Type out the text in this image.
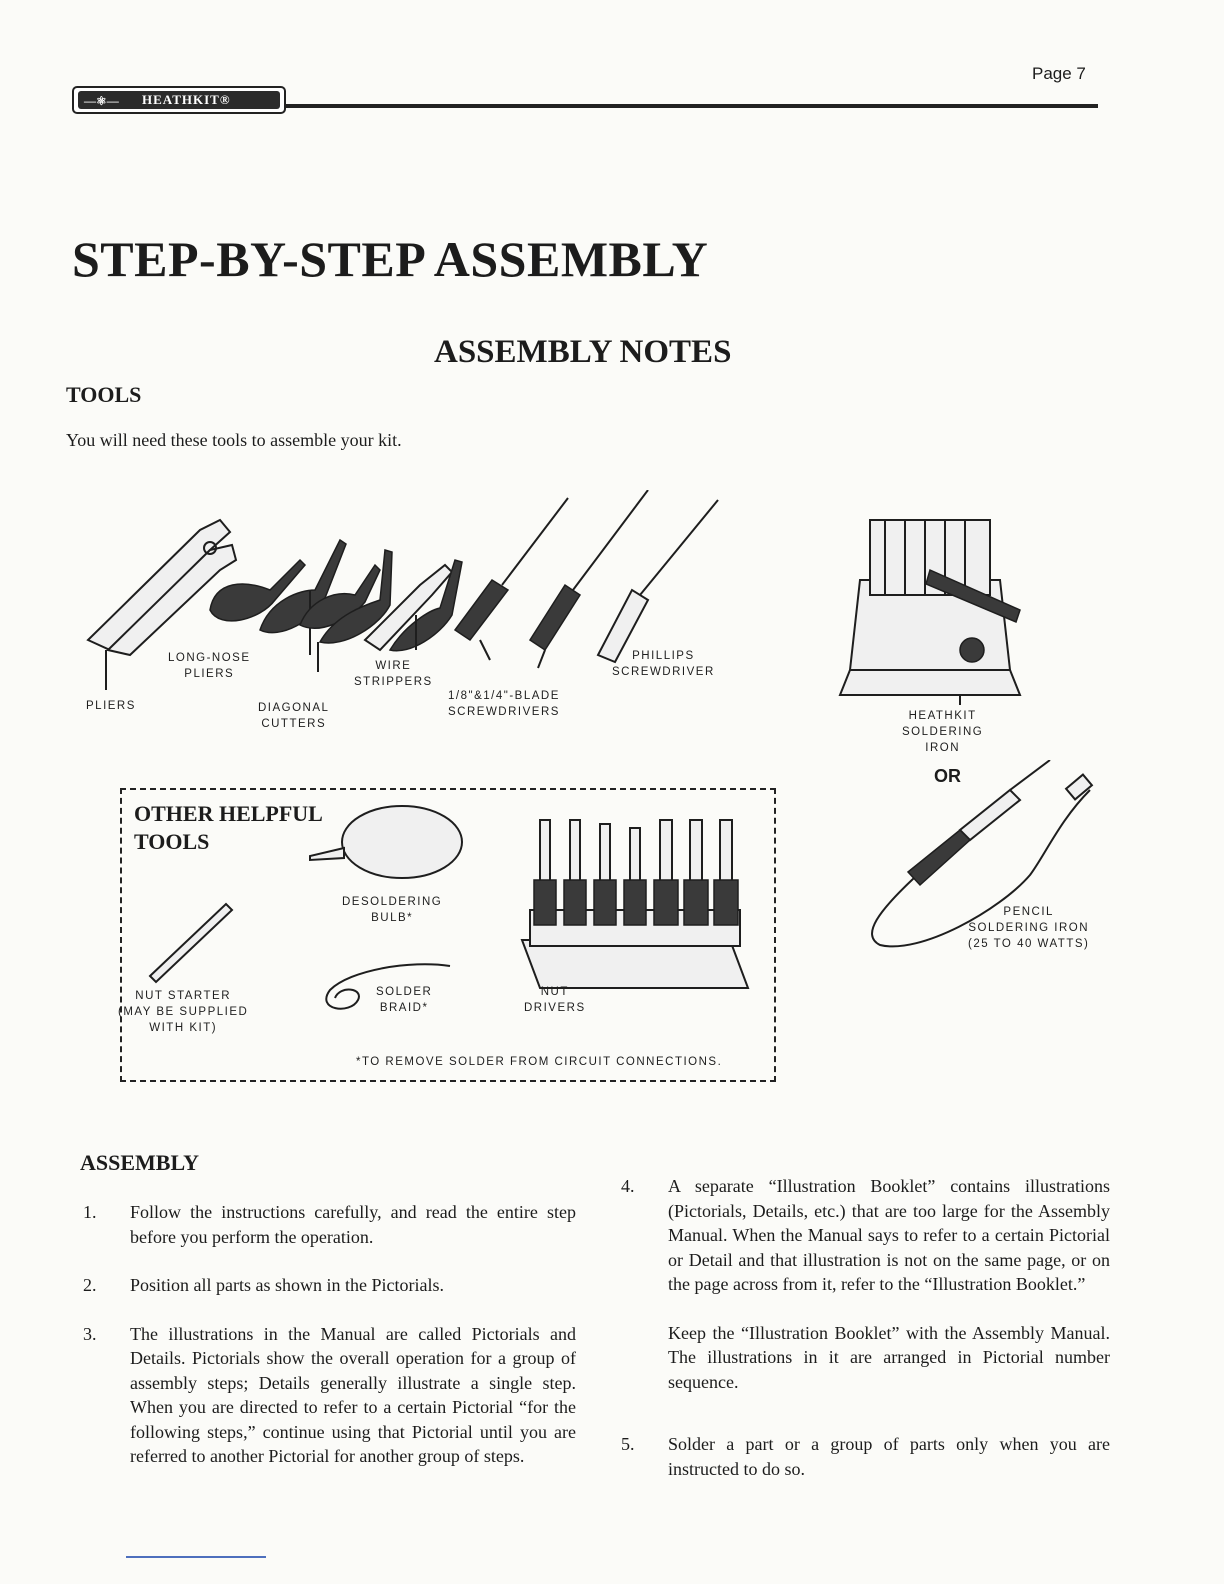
—⚛— HEATHKIT®
Page 7
STEP-BY-STEP ASSEMBLY
ASSEMBLY NOTES
TOOLS
You will need these tools to assemble your kit.
PLIERS
LONG-NOSE
PLIERS
DIAGONAL
CUTTERS
WIRE
STRIPPERS
1/8"&1/4"-BLADE
SCREWDRIVERS
PHILLIPS
SCREWDRIVER
HEATHKIT
SOLDERING
IRON
OR
PENCIL
SOLDERING IRON
(25 TO 40 WATTS)
OTHER HELPFUL
TOOLS
DESOLDERING
BULB*
NUT STARTER
(MAY BE SUPPLIED
WITH KIT)
SOLDER
BRAID*
NUT
DRIVERS
*TO REMOVE SOLDER FROM CIRCUIT CONNECTIONS.
ASSEMBLY
1. Follow the instructions carefully, and read the entire step before you perform the operation.
2. Position all parts as shown in the Pictorials.
3. The illustrations in the Manual are called Pictorials and Details. Pictorials show the overall operation for a group of assembly steps; Details generally illustrate a single step. When you are directed to refer to a certain Pictorial “for the following steps,” continue using that Pictorial until you are referred to another Pictorial for another group of steps.
4. A separate “Illustration Booklet” contains illustrations (Pictorials, Details, etc.) that are too large for the Assembly Manual. When the Manual says to refer to a certain Pictorial or Detail and that illustration is not on the same page, or on the page across from it, refer to the “Illustration Booklet.”
Keep the “Illustration Booklet” with the Assembly Manual. The illustrations in it are arranged in Pictorial number sequence.
5. Solder a part or a group of parts only when you are instructed to do so.
